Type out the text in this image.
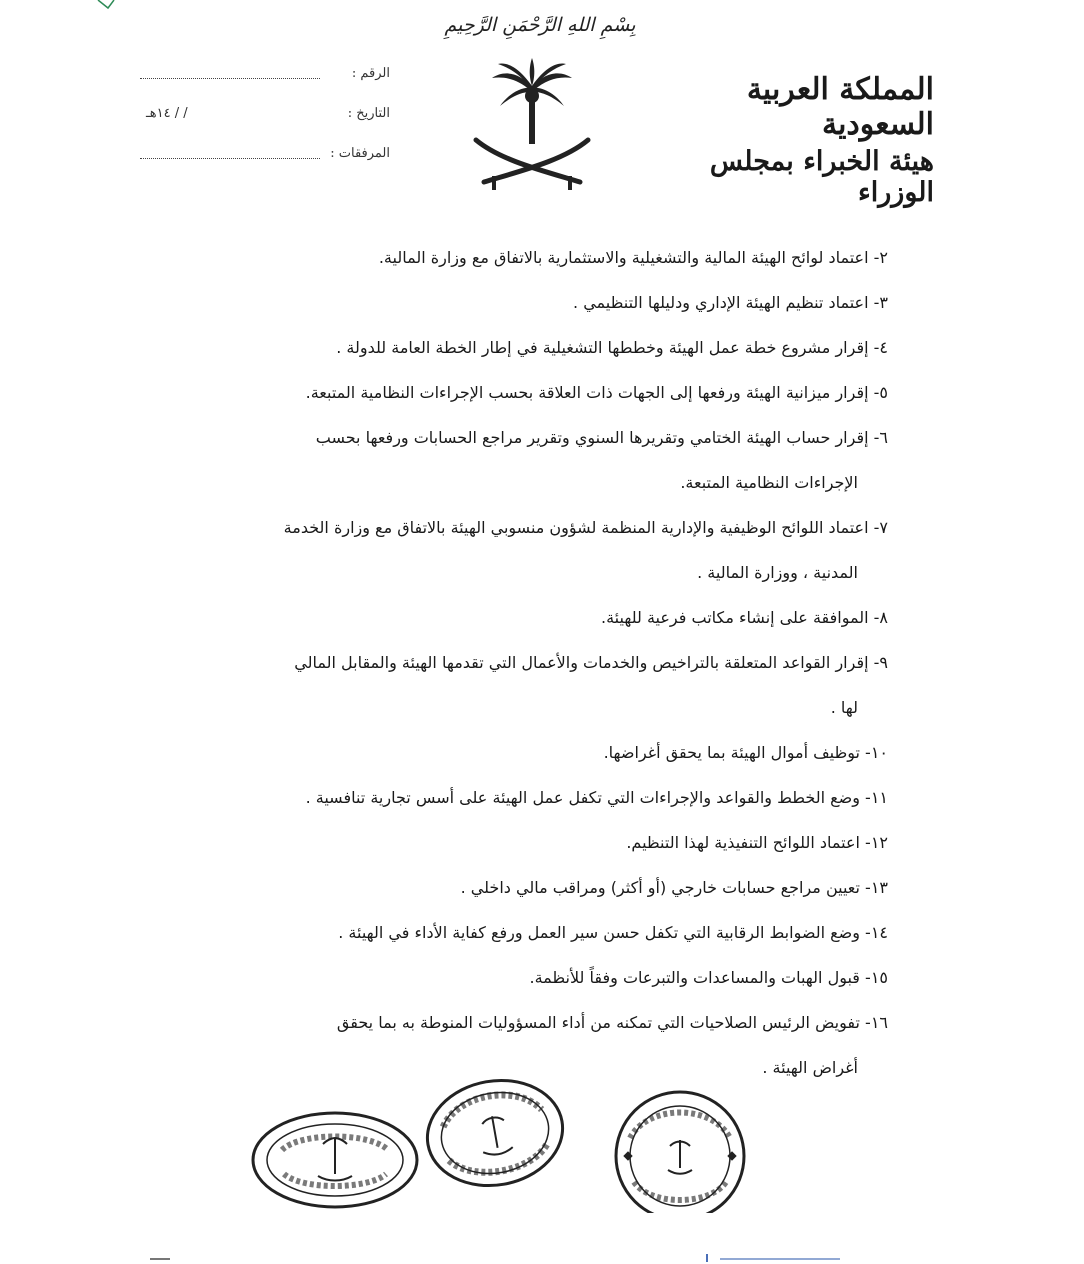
بِسْمِ اللهِ الرَّحْمَنِ الرَّحِيمِ
المملكة العربية السعودية
هيئة الخبراء بمجلس الوزراء
الرقم :
التاريخ :
/ / ١٤هـ
المرفقات :
٢- اعتماد لوائح الهيئة المالية والتشغيلية والاستثمارية بالاتفاق مع وزارة المالية.
٣- اعتماد تنظيم الهيئة الإداري ودليلها التنظيمي .
٤- إقرار مشروع خطة عمل الهيئة وخططها التشغيلية في إطار الخطة العامة للدولة .
٥- إقرار ميزانية الهيئة ورفعها إلى الجهات ذات العلاقة بحسب الإجراءات النظامية المتبعة.
٦- إقرار حساب الهيئة الختامي وتقريرها السنوي وتقرير مراجع الحسابات ورفعها بحسب
الإجراءات النظامية المتبعة.
٧- اعتماد اللوائح الوظيفية والإدارية المنظمة لشؤون منسوبي الهيئة بالاتفاق مع وزارة الخدمة
المدنية ، ووزارة المالية .
٨- الموافقة على إنشاء مكاتب فرعية للهيئة.
٩- إقرار القواعد المتعلقة بالتراخيص والخدمات والأعمال التي تقدمها الهيئة والمقابل المالي
لها .
١٠- توظيف أموال الهيئة بما يحقق أغراضها.
١١- وضع الخطط والقواعد والإجراءات التي تكفل عمل الهيئة على أسس تجارية تنافسية .
١٢- اعتماد اللوائح التنفيذية لهذا التنظيم.
١٣- تعيين مراجع حسابات خارجي (أو أكثر) ومراقب مالي داخلي .
١٤- وضع الضوابط الرقابية التي تكفل حسن سير العمل ورفع كفاية الأداء في الهيئة .
١٥- قبول الهبات والمساعدات والتبرعات وفقاً للأنظمة.
١٦- تفويض الرئيس الصلاحيات التي تمكنه من أداء المسؤوليات المنوطة به بما يحقق
أغراض الهيئة .
